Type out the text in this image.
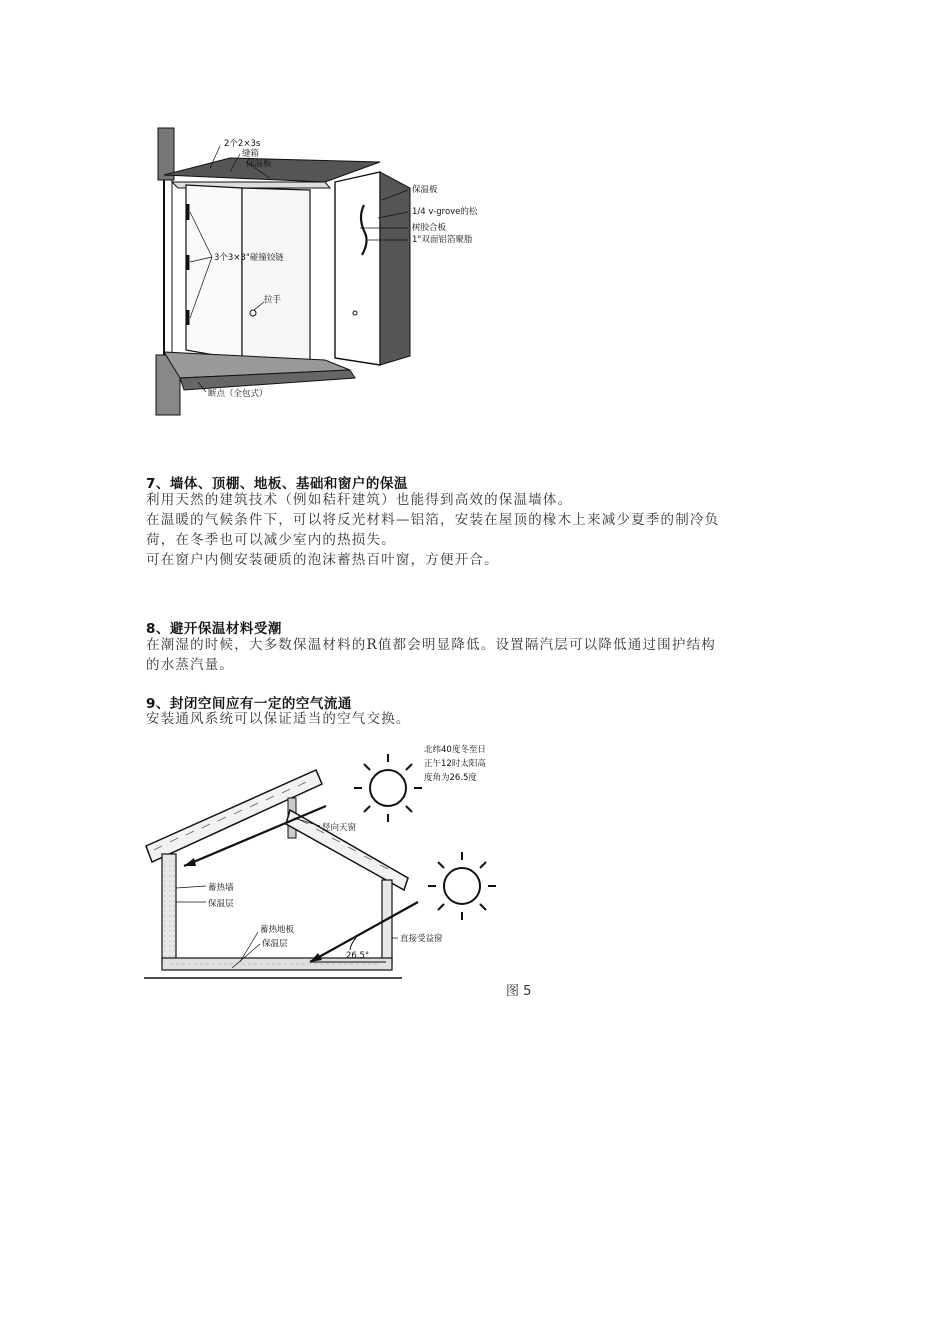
2个2×3s
缝箱
保温板
保温板
1/4 v-grove的松
树胶合板
1"双面铝箔聚脂
3个3×3"碰撞铰链
拉手
断点（全包式）
7、墙体、顶棚、地板、基础和窗户的保温
利用天然的建筑技术（例如秸秆建筑）也能得到高效的保温墙体。
在温暖的气候条件下，可以将反光材料—铝箔，安装在屋顶的椽木上来减少夏季的制冷负
荷，在冬季也可以减少室内的热损失。
可在窗户内侧安装硬质的泡沫蓄热百叶窗，方便开合。
8、避开保温材料受潮
在潮湿的时候，大多数保温材料的R值都会明显降低。设置隔汽层可以降低通过围护结构
的水蒸汽量。
9、封闭空间应有一定的空气流通
安装通风系统可以保证适当的空气交换。
北纬40度冬至日
正午12时太阳高
度角为26.5度
竖向天窗
蓄热墙
保温层
蓄热地板
保温层
26.5°
直接受益窗
图 5
